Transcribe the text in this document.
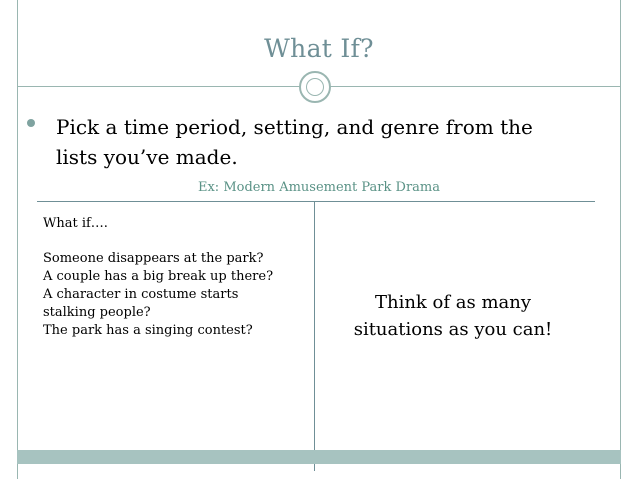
What If?
Pick a time period, setting, and genre from the
lists you’ve made.
Ex: Modern Amusement Park Drama
What if….
Someone disappears at the park?
A couple has a big break up there?
A character in costume starts
stalking people?
The park has a singing contest?
Think of as many
situations as you can!
